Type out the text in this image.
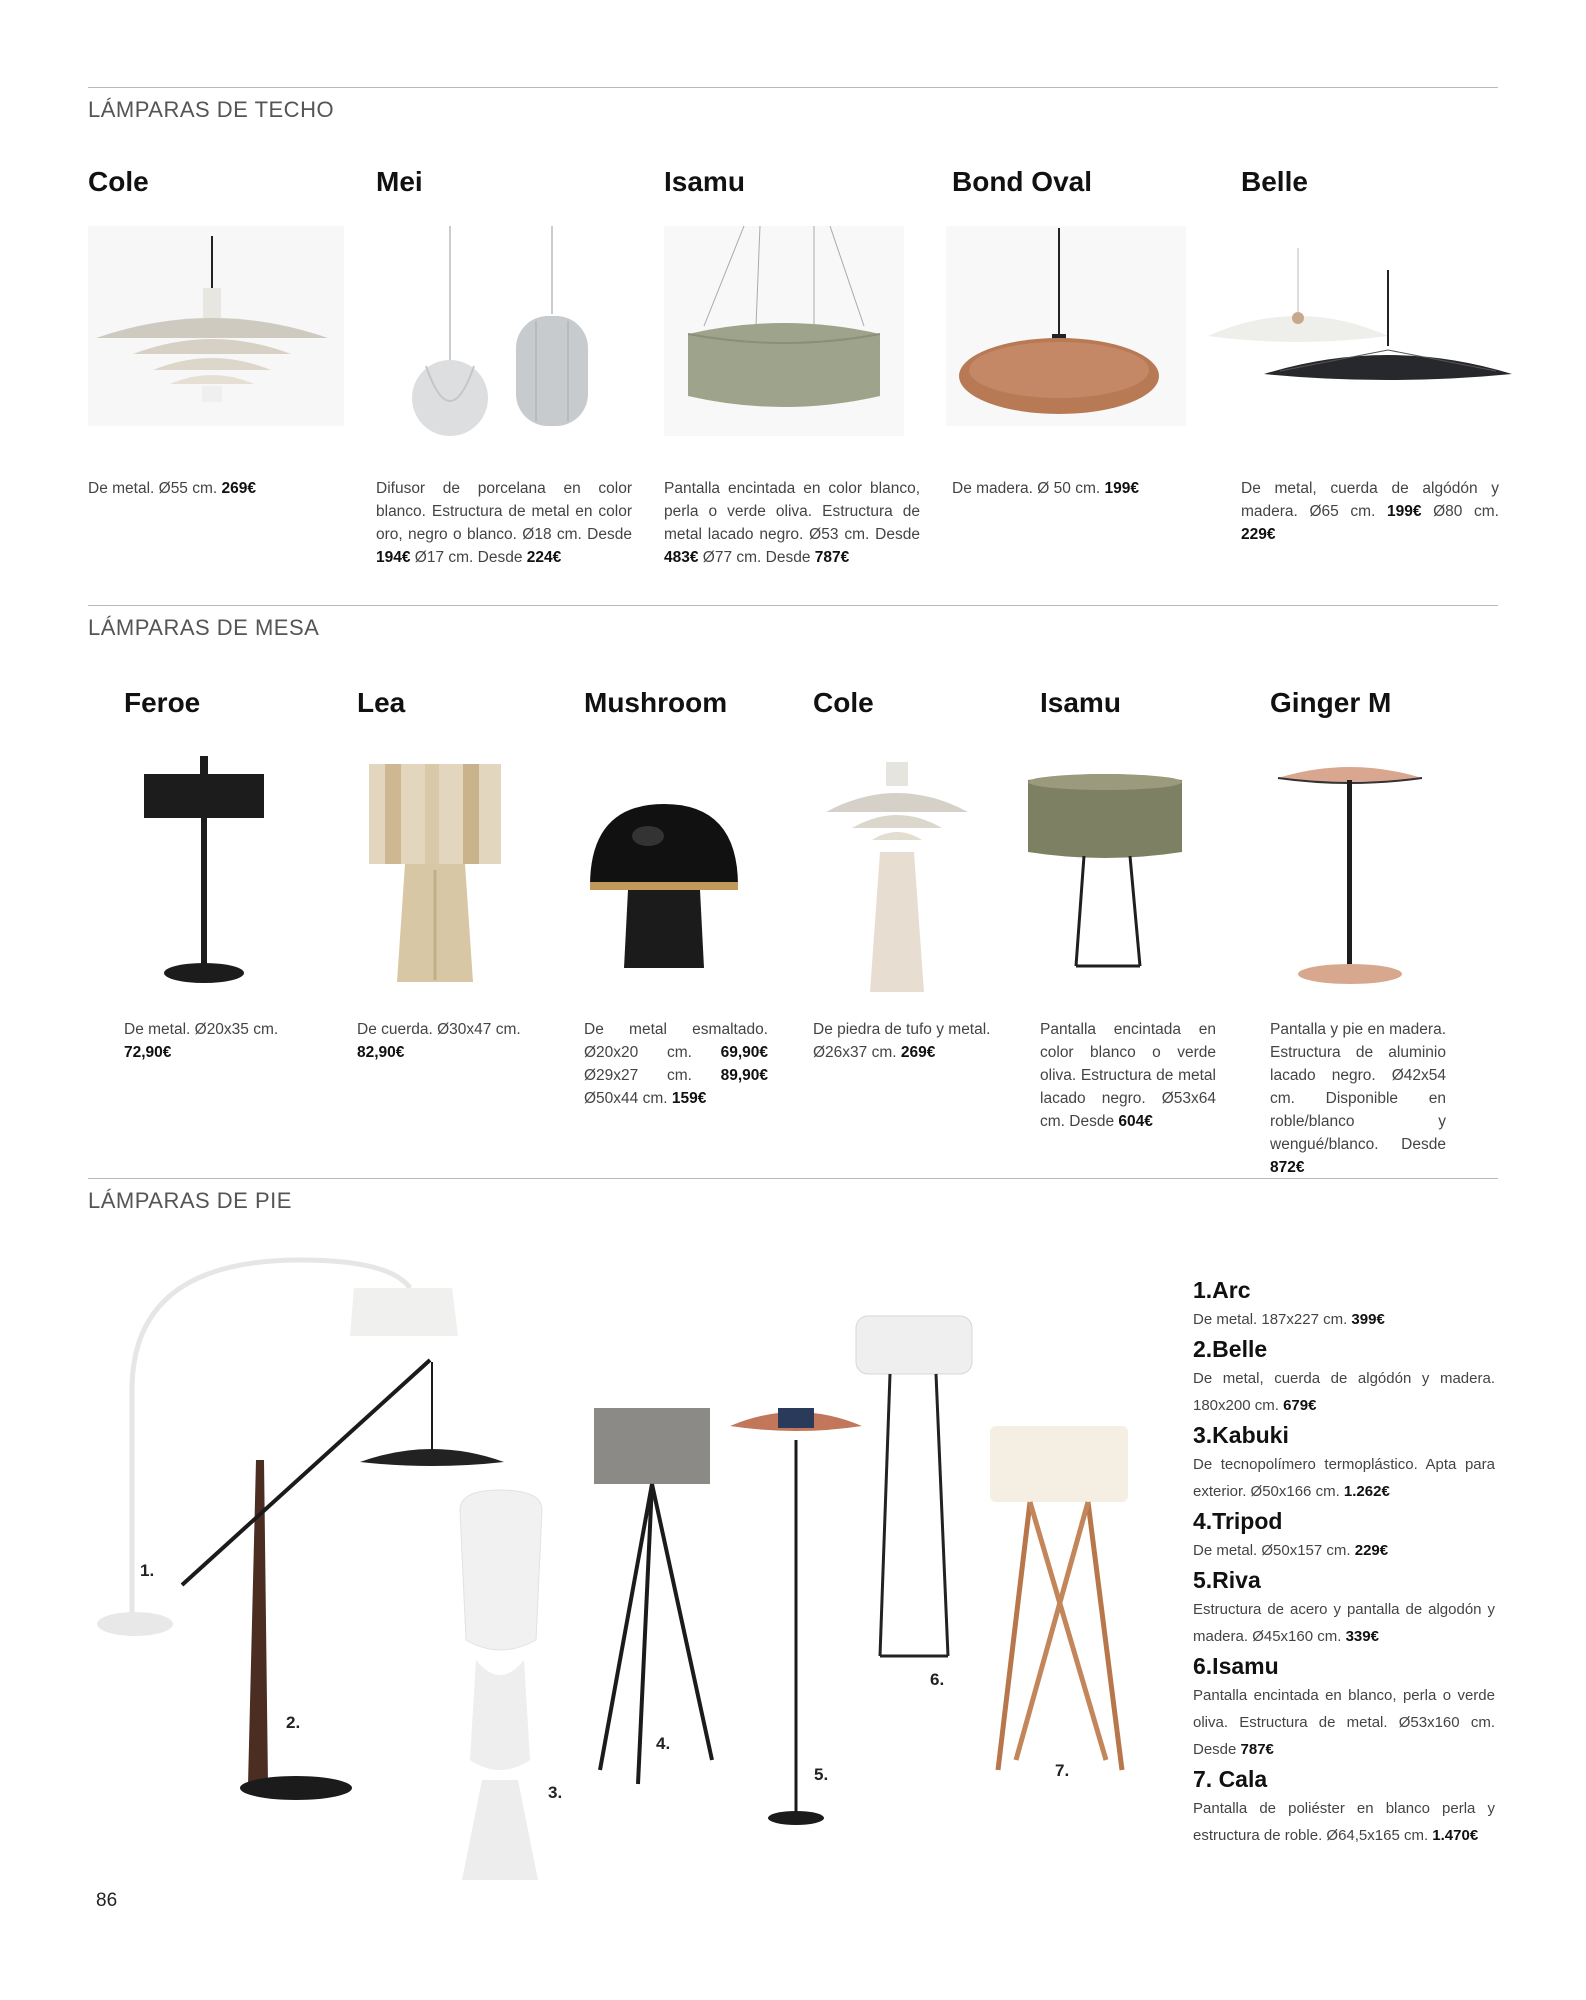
LÁMPARAS DE TECHO
Cole	Mei	Isamu	Bond Oval	Belle
De metal. Ø55 cm. 269€	Difusor de porcelana en color blanco. Estructura de metal en color oro, negro o blanco. Ø18 cm. Desde 194€ Ø17 cm. Desde 224€
Pantalla encintada en color blanco, perla o verde oliva. Estructura de metal lacado negro. Ø53 cm. Desde 483€ Ø77 cm. Desde 787€
De madera. Ø 50 cm. 199€	De metal, cuerda de algódón y madera. Ø65 cm. 199€ Ø80 cm. 229€
LÁMPARAS DE MESA
Feroe	Lea	Mushroom	Cole	Isamu	Ginger M
De metal. Ø20x35 cm. 72,90€
De cuerda. Ø30x47 cm. 82,90€
De metal esmaltado. Ø20x20 cm. 69,90€ Ø29x27 cm. 89,90€ Ø50x44 cm. 159€
De piedra de tufo y metal. Ø26x37 cm. 269€
Pantalla encintada en color blanco o verde oliva. Estructura de metal lacado negro. Ø53x64 cm. Desde 604€
Pantalla y pie en madera. Estructura de aluminio lacado negro. Ø42x54 cm. Disponible en roble/blanco y wengué/blanco. Desde 872€
LÁMPARAS DE PIE
1.
2.
3.
4.
5.
6.
7.
1.Arc
De metal. 187x227 cm. 399€
2.Belle
De metal, cuerda de algódón y madera. 180x200 cm. 679€
3.Kabuki
De tecnopolímero termoplástico. Apta para exterior. Ø50x166 cm. 1.262€
4.Tripod
De metal. Ø50x157 cm. 229€
5.Riva
Estructura de acero y pantalla de algodón y madera. Ø45x160 cm. 339€
6.Isamu
Pantalla encintada en blanco, perla o verde oliva. Estructura de metal. Ø53x160 cm. Desde 787€
7. Cala
Pantalla de poliéster en blanco perla y estructura de roble. Ø64,5x165 cm. 1.470€
86
